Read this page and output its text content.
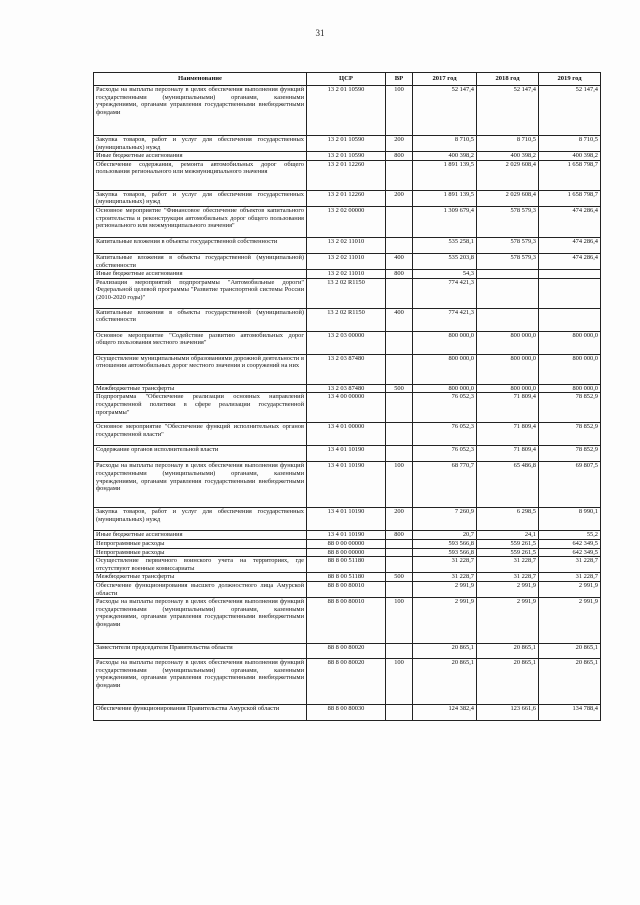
31
Наименование	ЦСР	ВР	2017 год	2018 год	2019 год
Расходы на выплаты персоналу в целях обеспечения выполнения функций государственными (муниципальными) органами, казенными учреждениями, органами управления государственными внебюджетными фондами	13 2 01 10590	100	52 147,4	52 147,4	52 147,4
Закупка товаров, работ и услуг для обеспечения государственных (муниципальных) нужд	13 2 01 10590	200	8 710,5	8 710,5	8 710,5
Иные бюджетные ассигнования	13 2 01 10590	800	400 398,2	400 398,2	400 398,2
Обеспечение содержания, ремонта автомобильных дорог общего пользования регионального или межмуниципального значения	13 2 01 12260		1 891 139,5	2 029 608,4	1 658 798,7
Закупка товаров, работ и услуг для обеспечения государственных (муниципальных) нужд	13 2 01 12260	200	1 891 139,5	2 029 608,4	1 658 798,7
Основное мероприятие "Финансовое обеспечение объектов капитального строительства и реконструкция автомобильных дорог общего пользования регионального или межмуниципального значения"	13 2 02 00000		1 309 679,4	578 579,3	474 286,4
Капитальные вложения в объекты государственной собственности	13 2 02 11010		535 258,1	578 579,3	474 286,4
Капитальные вложения в объекты государственной (муниципальной) собственности	13 2 02 11010	400	535 203,8	578 579,3	474 286,4
Иные бюджетные ассигнования	13 2 02 11010	800	54,3		
Реализация мероприятий подпрограммы "Автомобильные дороги" Федеральной целевой программы "Развитие транспортной системы России (2010-2020 годы)"	13 2 02 R1150		774 421,3		
Капитальные вложения в объекты государственной (муниципальной) собственности	13 2 02 R1150	400	774 421,3		
Основное мероприятие "Содействие развитию автомобильных дорог общего пользования местного значения"	13 2 03 00000		800 000,0	800 000,0	800 000,0
Осуществление муниципальными образованиями дорожной деятельности в отношении автомобильных дорог местного значения и сооружений на них	13 2 03 87480		800 000,0	800 000,0	800 000,0
Межбюджетные трансферты	13 2 03 87480	500	800 000,0	800 000,0	800 000,0
Подпрограмма "Обеспечение реализации основных направлений государственной политики в сфере реализации государственной программы"	13 4 00 00000		76 052,3	71 809,4	78 852,9
Основное мероприятие "Обеспечение функций исполнительных органов государственной власти"	13 4 01 00000		76 052,3	71 809,4	78 852,9
Содержание органов исполнительной власти	13 4 01 10190		76 052,3	71 809,4	78 852,9
Расходы на выплаты персоналу в целях обеспечения выполнения функций государственными (муниципальными) органами, казенными учреждениями, органами управления государственными внебюджетными фондами	13 4 01 10190	100	68 770,7	65 486,8	69 807,5
Закупка товаров, работ и услуг для обеспечения государственных (муниципальных) нужд	13 4 01 10190	200	7 260,9	6 298,5	8 990,1
Иные бюджетные ассигнования	13 4 01 10190	800	20,7	24,1	55,2
Непрограммные расходы	88 0 00 00000		593 566,8	559 261,5	642 349,5
Непрограммные расходы	88 8 00 00000		593 566,8	559 261,5	642 349,5
Осуществление первичного воинского учета на территориях, где отсутствуют военные комиссариаты	88 8 00 51180		31 228,7	31 228,7	31 228,7
Межбюджетные трансферты	88 8 00 51180	500	31 228,7	31 228,7	31 228,7
Обеспечение функционирования высшего должностного лица Амурской области	88 8 00 80010		2 991,9	2 991,9	2 991,9
Расходы на выплаты персоналу в целях обеспечения выполнения функций государственными (муниципальными) органами, казенными учреждениями, органами управления государственными внебюджетными фондами	88 8 00 80010	100	2 991,9	2 991,9	2 991,9
Заместители председателя Правительства области	88 8 00 80020		20 865,1	20 865,1	20 865,1
Расходы на выплаты персоналу в целях обеспечения выполнения функций государственными (муниципальными) органами, казенными учреждениями, органами управления государственными внебюджетными фондами	88 8 00 80020	100	20 865,1	20 865,1	20 865,1
Обеспечение функционирования Правительства Амурской области	88 8 00 80030		124 382,4	123 661,6	134 788,4
